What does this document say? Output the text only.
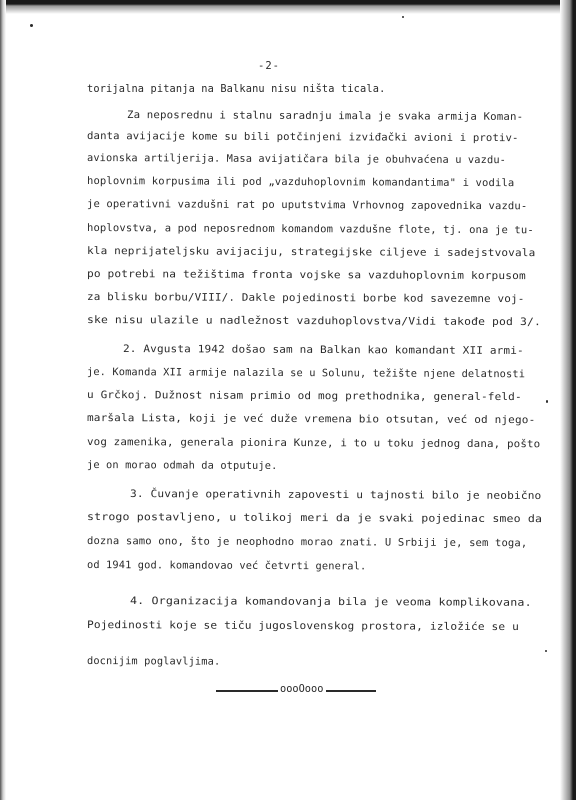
-2-
torijalna pitanja na Balkanu nisu ništa ticala.
Za neposrednu i stalnu saradnju imala je svaka armija Koman-
danta avijacije kome su bili potčinjeni izviđački avioni i protiv-
avionska artiljerija. Masa avijatičara bila je obuhvaćena u vazdu-
hoplovnim korpusima ili pod „vazduhoplovnim komandantima" i vodila
je operativni vazdušni rat po uputstvima Vrhovnog zapovednika vazdu-
hoplovstva, a pod neposrednom komandom vazdušne flote, tj. ona je tu-
kla neprijateljsku avijaciju, strategijske ciljeve i sadejstvovala
po potrebi na težištima fronta vojske sa vazduhoplovnim korpusom
za blisku borbu/VIII/. Dakle pojedinosti borbe kod savezemne voj-
ske nisu ulazile u nadležnost vazduhoplovstva/Vidi takođe pod 3/.
2. Avgusta 1942 došao sam na Balkan kao komandant XII armi-
je. Komanda XII armije nalazila se u Solunu, težište njene delatnosti
u Grčkoj. Dužnost nisam primio od mog prethodnika, general-feld-
maršala Lista, koji je već duže vremena bio otsutan, već od njego-
vog zamenika, generala pionira Kunze, i to u toku jednog dana, pošto
je on morao odmah da otputuje.
3. Čuvanje operativnih zapovesti u tajnosti bilo je neobično
strogo postavljeno, u tolikoj meri da je svaki pojedinac smeo da
dozna samo ono, što je neophodno morao znati. U Srbiji je, sem toga,
od 1941 god. komandovao već četvrti general.
4. Organizacija komandovanja bila je veoma komplikovana.
Pojedinosti koje se tiču jugoslovenskog prostora, izložiće se u
docnijim poglavljima.
oooOooo
